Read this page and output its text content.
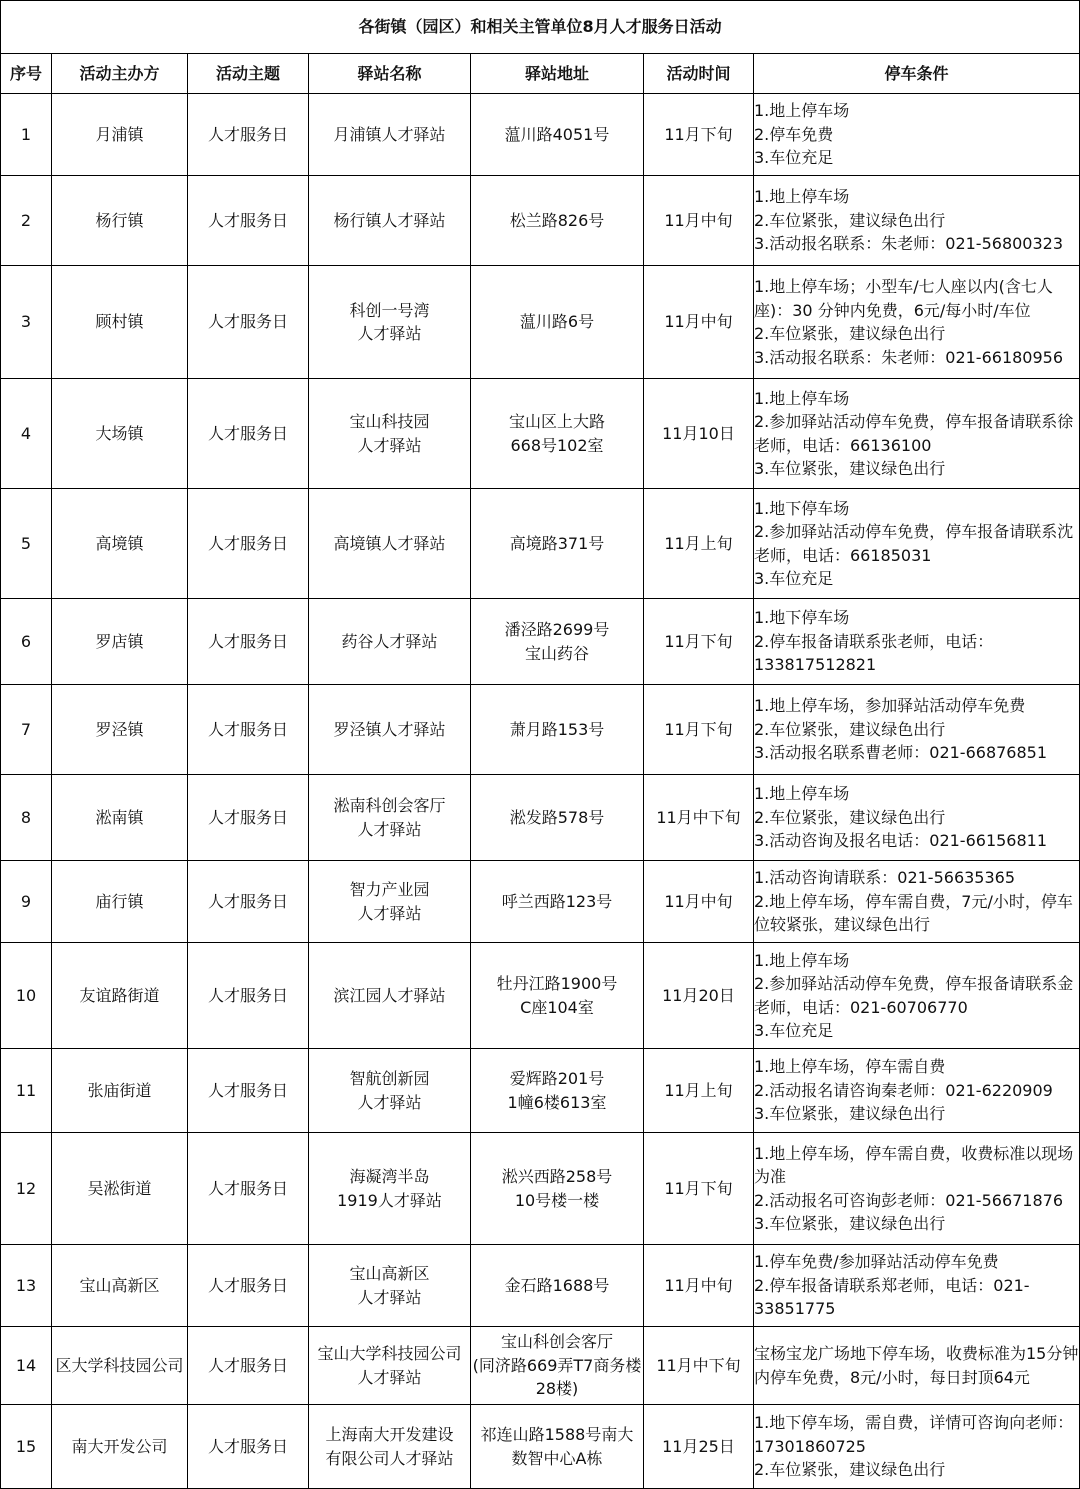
各街镇（园区）和相关主管单位8月人才服务日活动						
序号	活动主办方	活动主题	驿站名称	驿站地址	活动时间	停车条件
1	月浦镇	人才服务日	月浦镇人才驿站	蕰川路4051号	11月下旬	1.地上停车场
2.停车免费
3.车位充足

2	杨行镇	人才服务日	杨行镇人才驿站	松兰路826号	11月中旬	1.地上停车场
2.车位紧张，建议绿色出行
3.活动报名联系：朱老师：021-56800323

3	顾村镇	人才服务日	科创一号湾
人才驿站	蕰川路6号	11月中旬	1.地上停车场；小型车/七人座以内(含七人座)：30 分钟内免费，6元/每小时/车位
2.车位紧张，建议绿色出行
3.活动报名联系：朱老师：021-66180956

4	大场镇	人才服务日	宝山科技园
人才驿站	宝山区上大路
668号102室	11月10日	1.地上停车场
2.参加驿站活动停车免费，停车报备请联系徐老师，电话：66136100
3.车位紧张，建议绿色出行

5	高境镇	人才服务日	高境镇人才驿站	高境路371号	11月上旬	1.地下停车场
2.参加驿站活动停车免费，停车报备请联系沈老师，电话：66185031
3.车位充足

6	罗店镇	人才服务日	药谷人才驿站	潘泾路2699号
宝山药谷	11月下旬	1.地下停车场
2.停车报备请联系张老师，电话：13381751282​1

7	罗泾镇	人才服务日	罗泾镇人才驿站	萧月路153号	11月下旬	1.地上停车场，参加驿站活动停车免费
2.车位紧张，建议绿色出行
3.活动报名联系曹老师：021-66876851

8	淞南镇	人才服务日	淞南科创会客厅
人才驿站	淞发路578号	11月中下旬	1.地上停车场
2.车位紧张，建议绿色出行
3.活动咨询及报名电话：021-66156811

9	庙行镇	人才服务日	智力产业园
人才驿站	呼兰西路123号	11月中旬	1.活动咨询请联系：021-56635365
2.地上停车场，停车需自费，7元/小时，停车位较紧张，建议绿色出行

10	友谊路街道	人才服务日	滨江园人才驿站	牡丹江路1900号
C座104室	11月20日	1.地上停车场
2.参加驿站活动停车免费，停车报备请联系金老师，电话：021-60706770
3.车位充足

11	张庙街道	人才服务日	智航创新园
人才驿站	爱辉路201号
1幢6楼613室	11月上旬	1.地上停车场，停车需自费
2.活动报名请咨询秦老师：021-6220909
3.车位紧张，建议绿色出行

12	吴淞街道	人才服务日	海凝湾半岛
1919人才驿站	淞兴西路258号
10号楼一楼	11月下旬	1.地上停车场，停车需自费，收费标准以现场为准
2.活动报名可咨询彭老师：021-56671876
3.车位紧张，建议绿色出行

13	宝山高新区	人才服务日	宝山高新区
人才驿站	金石路1688号	11月中旬	1.停车免费/参加驿站活动停车免费
2.停车报备请联系郑老师，电话：021-33851775

14	区大学科技园公司	人才服务日	宝山大学科技园公司
人才驿站	宝山科创会客厅
(同济路669弄T7商务楼28楼)	11月中下旬	宝杨宝龙广场地下停车场，收费标准为15分钟内停车免费，8元/小时，每日封顶64元

15	南大开发公司	人才服务日	上海南大开发建设
有限公司人才驿站	祁连山路1588号南大
数智中心A栋	11月25日	1.地下停车场，需自费，详情可咨询向老师：17301860725
2.车位紧张，建议绿色出行
